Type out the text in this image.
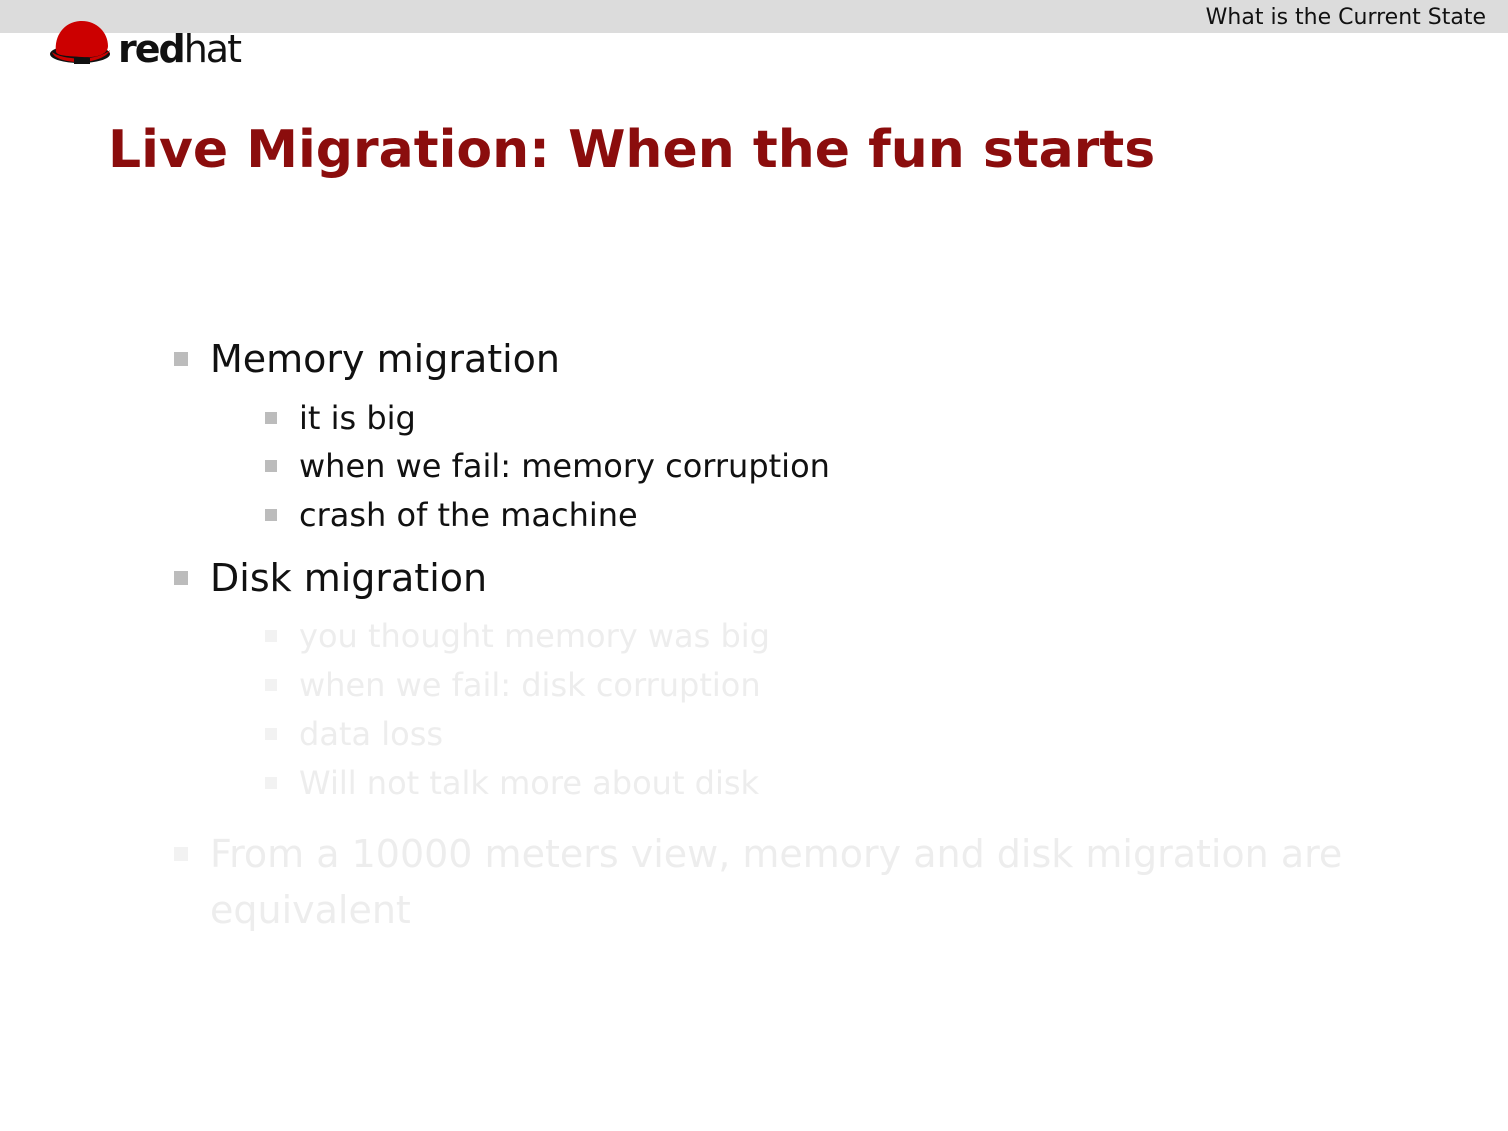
What is the Current State
redhat
Live Migration: When the fun starts
Memory migration
it is big
when we fail: memory corruption
crash of the machine
Disk migration
you thought memory was big
when we fail: disk corruption
data loss
Will not talk more about disk
From a 10000 meters view, memory and disk migration are equivalent
